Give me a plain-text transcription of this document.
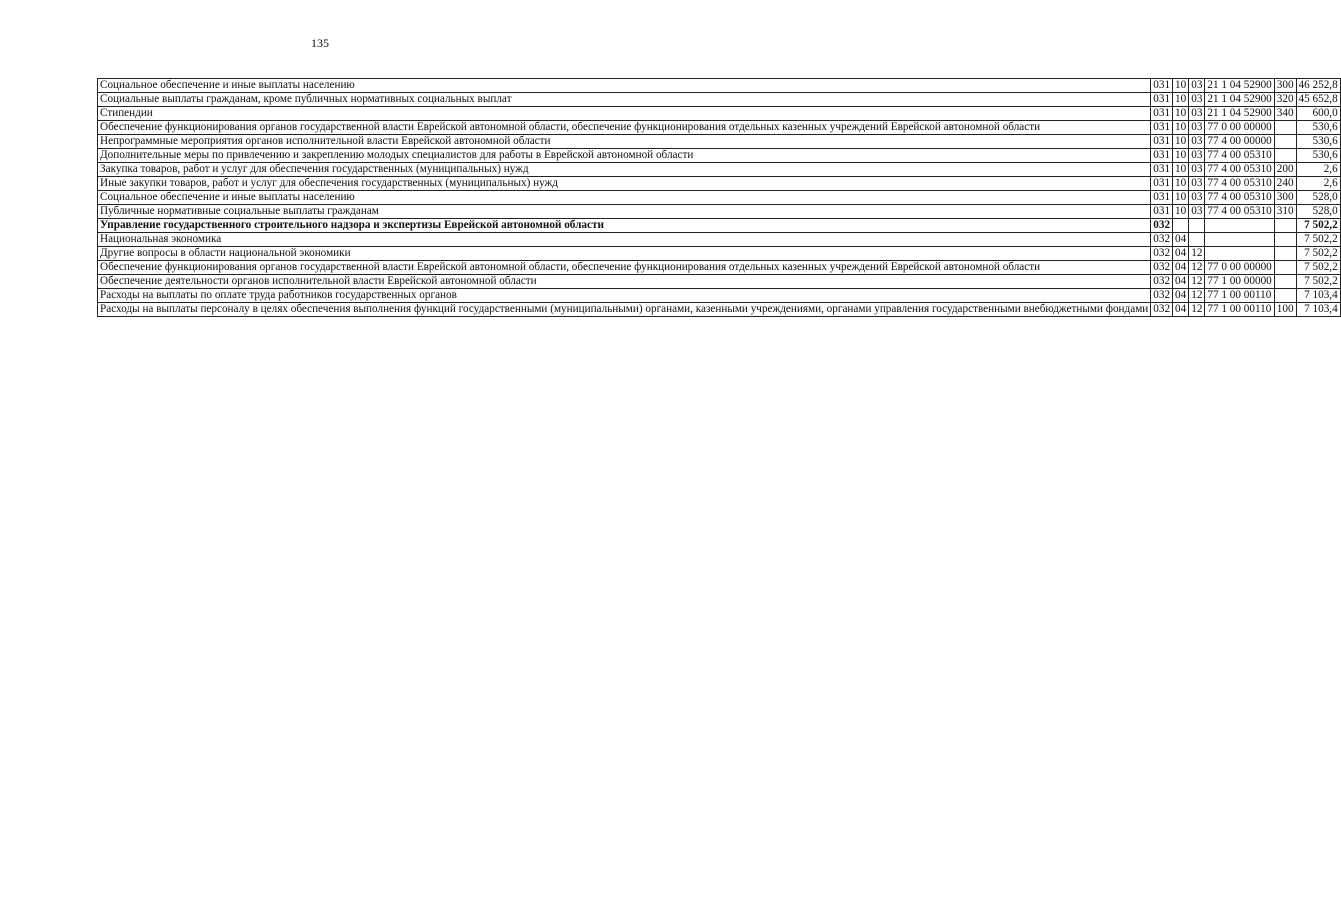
135
Социальное обеспечение и иные выплаты населению	031	10	03	21 1 04 52900	300	46 252,8

Социальные выплаты гражданам, кроме публичных нормативных социальных выплат	031	10	03	21 1 04 52900	320	45 652,8

Стипендии	031	10	03	21 1 04 52900	340	600,0

Обеспечение функционирования органов государственной власти Еврейской автономной области, обеспечение функционирования отдельных казенных учреждений Еврейской автономной области	031	10	03	77 0 00 00000		530,6

Непрограммные мероприятия органов исполнительной власти Еврейской автономной области	031	10	03	77 4 00 00000		530,6

Дополнительные меры по привлечению и закреплению молодых специалистов для работы в Еврейской автономной области	031	10	03	77 4 00 05310		530,6

Закупка товаров, работ и услуг для обеспечения государственных (муниципальных) нужд	031	10	03	77 4 00 05310	200	2,6

Иные закупки товаров, работ и услуг для обеспечения государственных (муниципальных) нужд	031	10	03	77 4 00 05310	240	2,6

Социальное обеспечение и иные выплаты населению	031	10	03	77 4 00 05310	300	528,0

Публичные нормативные социальные выплаты гражданам	031	10	03	77 4 00 05310	310	528,0

Управление государственного строительного надзора и экспертизы Еврейской автономной области	032					7 502,2

Национальная экономика	032	04				7 502,2

Другие вопросы в области национальной экономики	032	04	12			7 502,2

Обеспечение функционирования органов государственной власти Еврейской автономной области, обеспечение функционирования отдельных казенных учреждений Еврейской автономной области	032	04	12	77 0 00 00000		7 502,2

Обеспечение деятельности органов исполнительной власти Еврейской автономной области	032	04	12	77 1 00 00000		7 502,2

Расходы на выплаты по оплате труда работников государственных органов	032	04	12	77 1 00 00110		7 103,4

Расходы на выплаты персоналу в целях обеспечения выполнения функций государственными (муниципальными) органами, казенными учреждениями, органами управления государственными внебюджетными фондами	032	04	12	77 1 00 00110	100	7 103,4
